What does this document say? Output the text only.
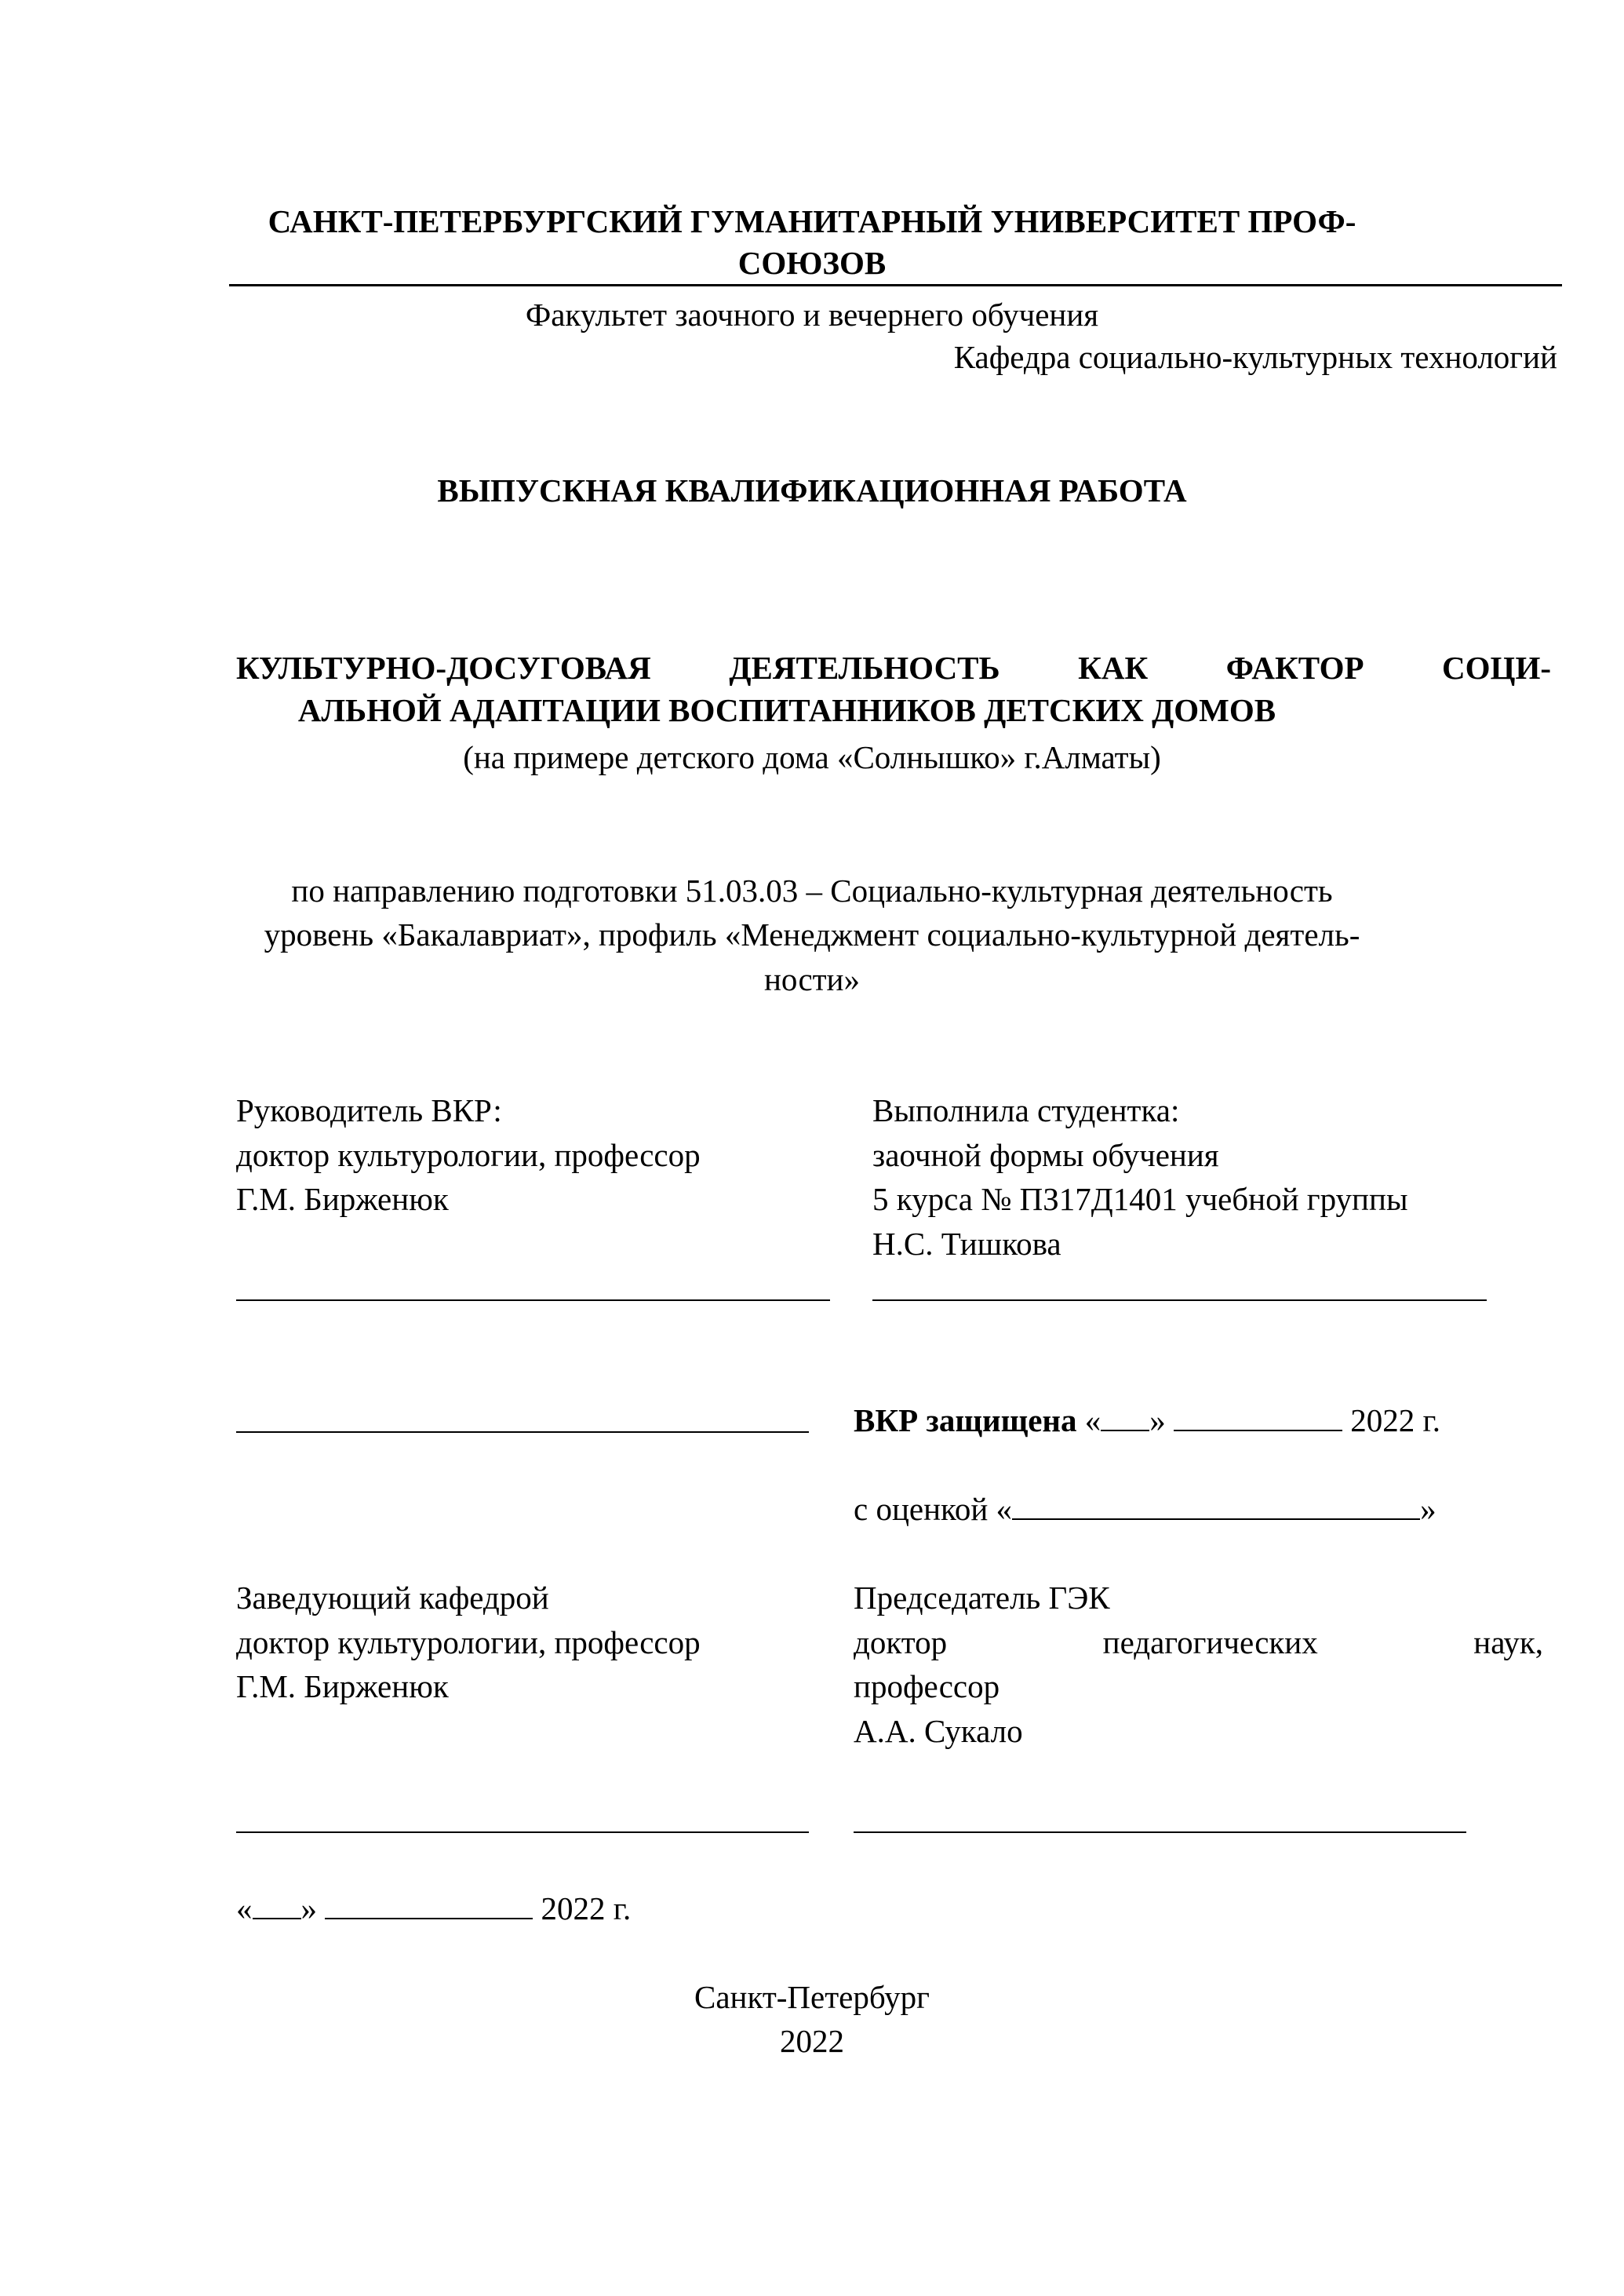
САНКТ-ПЕТЕРБУРГСКИЙ ГУМАНИТАРНЫЙ УНИВЕРСИТЕТ ПРОФ-
СОЮЗОВ
Факультет заочного и вечернего обучения
Кафедра социально-культурных технологий
ВЫПУСКНАЯ КВАЛИФИКАЦИОННАЯ РАБОТА
КУЛЬТУРНО-ДОСУГОВАЯ ДЕЯТЕЛЬНОСТЬ КАК ФАКТОР СОЦИ-
АЛЬНОЙ АДАПТАЦИИ ВОСПИТАННИКОВ ДЕТСКИХ ДОМОВ
(на примере детского дома «Солнышко» г.Алматы)
по направлению подготовки 51.03.03 – Социально-культурная деятельность
уровень «Бакалавриат», профиль «Менеджмент социально-культурной деятель-
ности»
Руководитель ВКР:
доктор культурологии, профессор
Г.М. Бирженюк
Выполнила студентка:
заочной формы обучения
5 курса № ПЗ17Д1401 учебной группы
Н.С. Тишкова
ВКР защищена « »	2022 г.
с оценкой «	»
Заведующий кафедрой
доктор культурологии, профессор
Г.М. Бирженюк
Председатель ГЭК
доктор	педагогических	наук,
профессор
А.А. Сукало
« »	2022 г.
Санкт-Петербург
2022
